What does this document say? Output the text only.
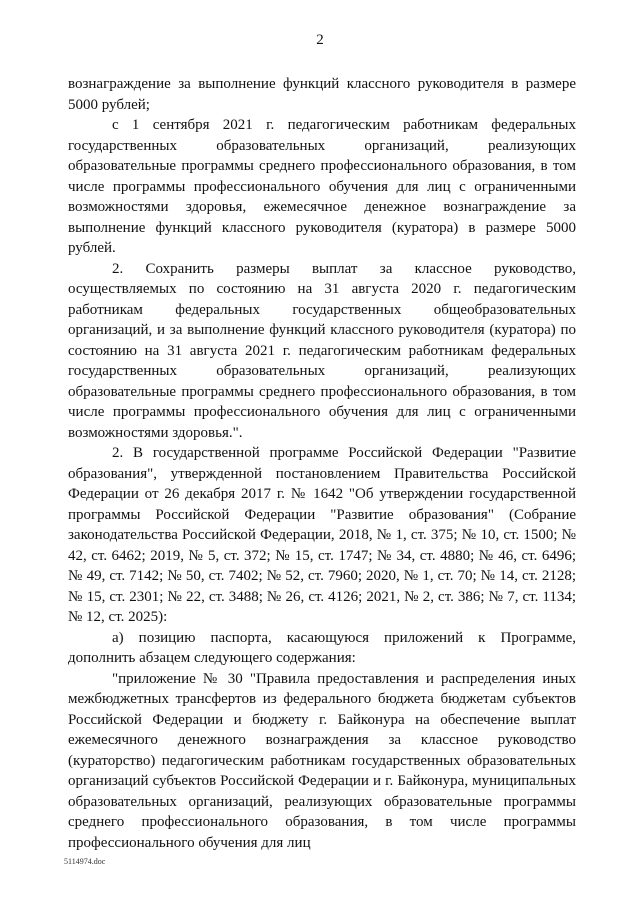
2

вознаграждение за выполнение функций классного руководителя в размере 5000 рублей;

с 1 сентября 2021 г. педагогическим работникам федеральных государственных образовательных организаций, реализующих образовательные программы среднего профессионального образования, в том числе программы профессионального обучения для лиц с ограниченными возможностями здоровья, ежемесячное денежное вознаграждение за выполнение функций классного руководителя (куратора) в размере 5000 рублей.

2. Сохранить размеры выплат за классное руководство, осуществляемых по состоянию на 31 августа 2020 г. педагогическим работникам федеральных государственных общеобразовательных организаций, и за выполнение функций классного руководителя (куратора) по состоянию на 31 августа 2021 г. педагогическим работникам федеральных государственных образовательных организаций, реализующих образовательные программы среднего профессионального образования, в том числе программы профессионального обучения для лиц с ограниченными возможностями здоровья.".

2. В государственной программе Российской Федерации "Развитие образования", утвержденной постановлением Правительства Российской Федерации от 26 декабря 2017 г. № 1642 "Об утверждении государственной программы Российской Федерации "Развитие образования" (Собрание законодательства Российской Федерации, 2018, № 1, ст. 375; № 10, ст. 1500; № 42, ст. 6462; 2019, № 5, ст. 372; № 15, ст. 1747; № 34, ст. 4880; № 46, ст. 6496; № 49, ст. 7142; № 50, ст. 7402; № 52, ст. 7960; 2020, № 1, ст. 70; № 14, ст. 2128; № 15, ст. 2301; № 22, ст. 3488; № 26, ст. 4126; 2021, № 2, ст. 386; № 7, ст. 1134; № 12, ст. 2025):

а) позицию паспорта, касающуюся приложений к Программе, дополнить абзацем следующего содержания:

"приложение № 30 "Правила предоставления и распределения иных межбюджетных трансфертов из федерального бюджета бюджетам субъектов Российской Федерации и бюджету г. Байконура на обеспечение выплат ежемесячного денежного вознаграждения за классное руководство (кураторство) педагогическим работникам государственных образовательных организаций субъектов Российской Федерации и г. Байконура, муниципальных образовательных организаций, реализующих образовательные программы среднего профессионального образования, в том числе программы профессионального обучения для лиц

5114974.doc
